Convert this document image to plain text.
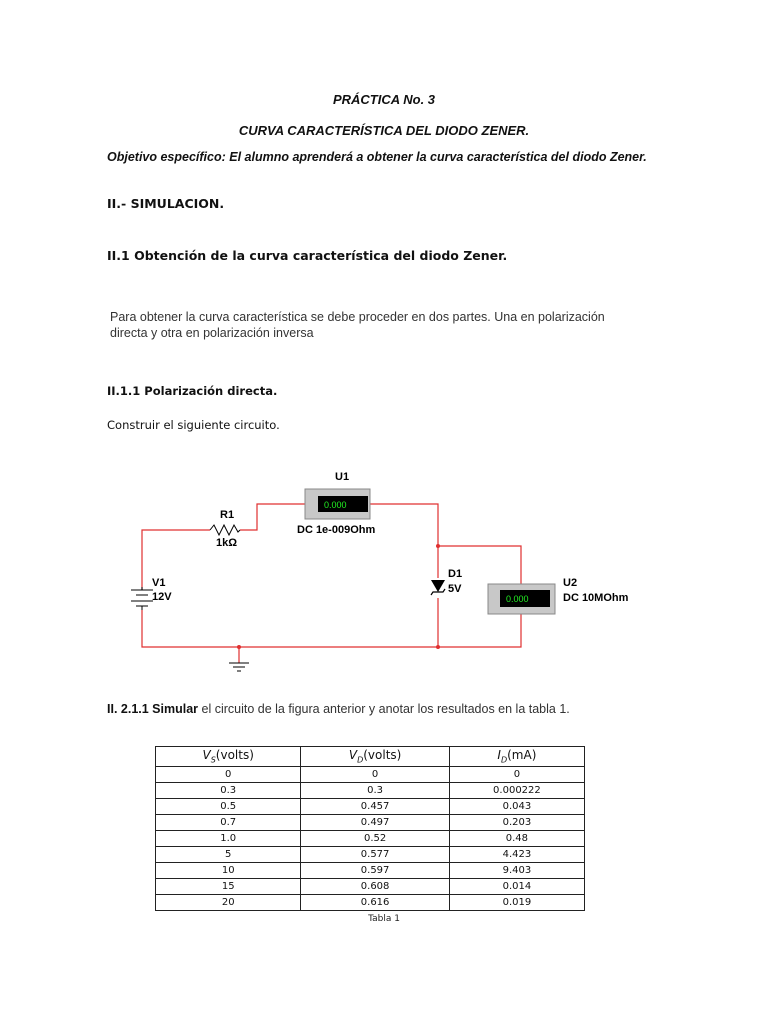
PRÁCTICA No. 3
CURVA CARACTERÍSTICA DEL DIODO ZENER.
Objetivo específico: El alumno aprenderá a obtener la curva característica del diodo Zener.
II.- SIMULACION.
II.1 Obtención de la curva característica del diodo Zener.
Para obtener la curva característica se debe proceder en dos partes. Una en polarización
directa y otra en polarización inversa
II.1.1 Polarización directa.
Construir el siguiente circuito.
R1
1kΩ
V1
12V
0.000
U1
DC 1e-009Ohm
D1
5V
0.000
U2
DC 10MOhm
II. 2.1.1 Simular el circuito de la figura anterior y anotar los resultados en la tabla 1.
$V_S(volts)$	$V_D(volts)$	$I_D(mA)$
0	0	0
0.3	0.3	0.000222
0.5	0.457	0.043
0.7	0.497	0.203
1.0	0.52	0.48
5	0.577	4.423
10	0.597	9.403
15	0.608	0.014
20	0.616	0.019
Tabla 1
